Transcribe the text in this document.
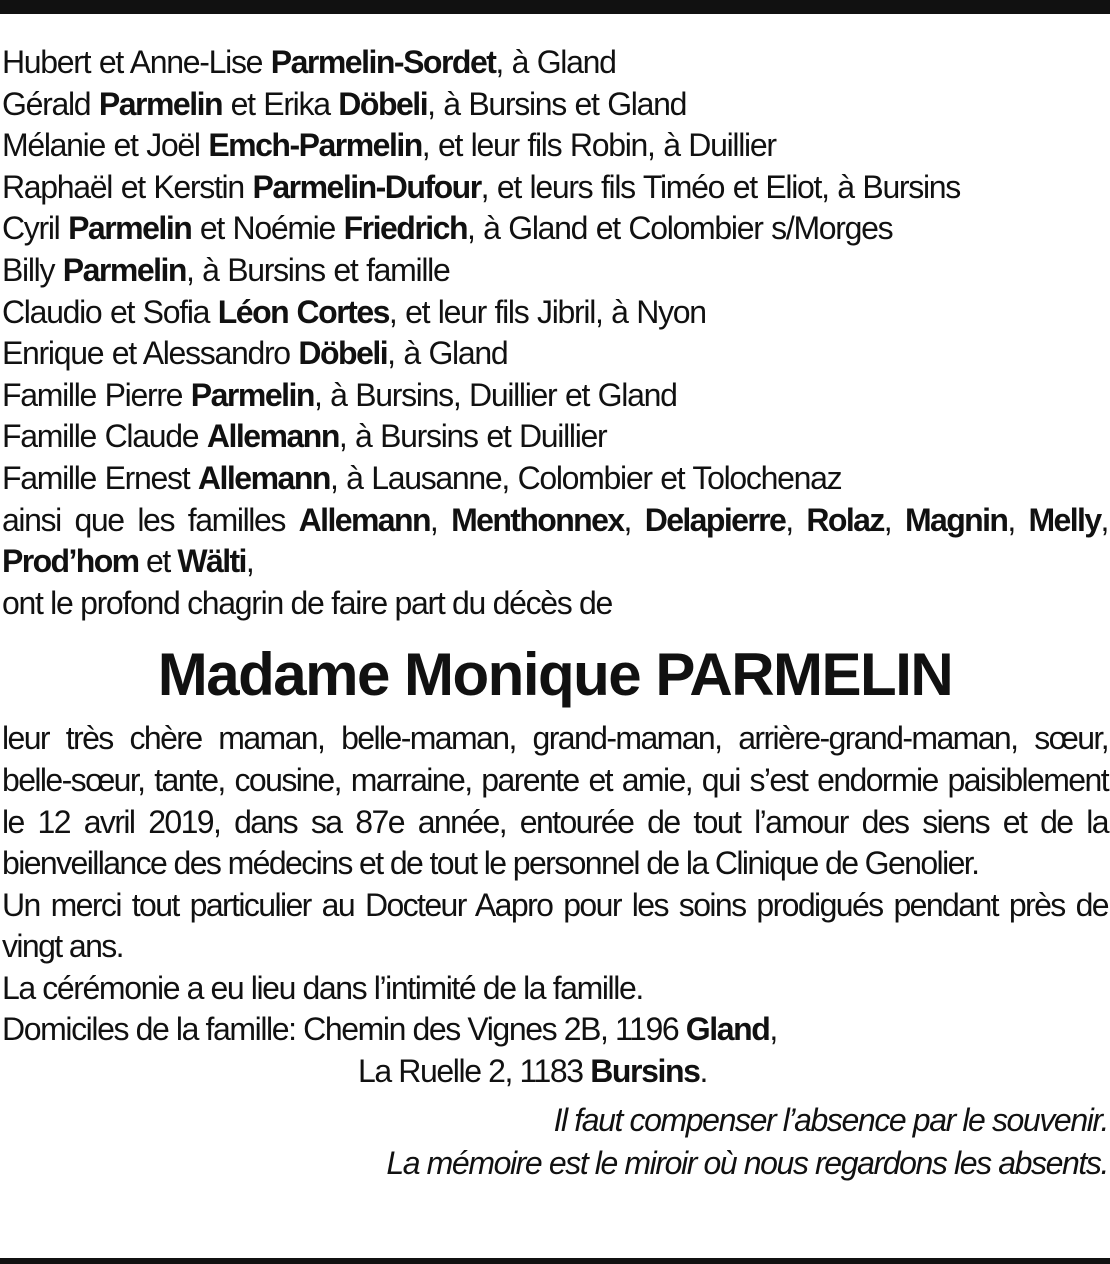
Hubert et Anne-Lise Parmelin-Sordet, à Gland
Gérald Parmelin et Erika Döbeli, à Bursins et Gland
Mélanie et Joël Emch-Parmelin, et leur fils Robin, à Duillier
Raphaël et Kerstin Parmelin-Dufour, et leurs fils Timéo et Eliot, à Bursins
Cyril Parmelin et Noémie Friedrich, à Gland et Colombier s/Morges
Billy Parmelin, à Bursins et famille
Claudio et Sofia Léon Cortes, et leur fils Jibril, à Nyon
Enrique et Alessandro Döbeli, à Gland
Famille Pierre Parmelin, à Bursins, Duillier et Gland
Famille Claude Allemann, à Bursins et Duillier
Famille Ernest Allemann, à Lausanne, Colombier et Tolochenaz
ainsi que les familles Allemann, Menthonnex, Delapierre, Rolaz, Magnin, Melly, Prod’hom et Wälti,
ont le profond chagrin de faire part du décès de
Madame Monique PARMELIN
leur très chère maman, belle-maman, grand-maman, arrière-grand-maman, sœur, belle-sœur, tante, cousine, marraine, parente et amie, qui s’est endormie paisiblement le 12 avril 2019, dans sa 87e année, entourée de tout l’amour des siens et de la bienveillance des médecins et de tout le personnel de la Clinique de Genolier.
Un merci tout particulier au Docteur Aapro pour les soins prodigués pendant près de vingt ans.
La cérémonie a eu lieu dans l’intimité de la famille.
Domiciles de la famille: Chemin des Vignes 2B, 1196 Gland,
La Ruelle 2, 1183 Bursins.
Il faut compenser l’absence par le souvenir.
La mémoire est le miroir où nous regardons les absents.
